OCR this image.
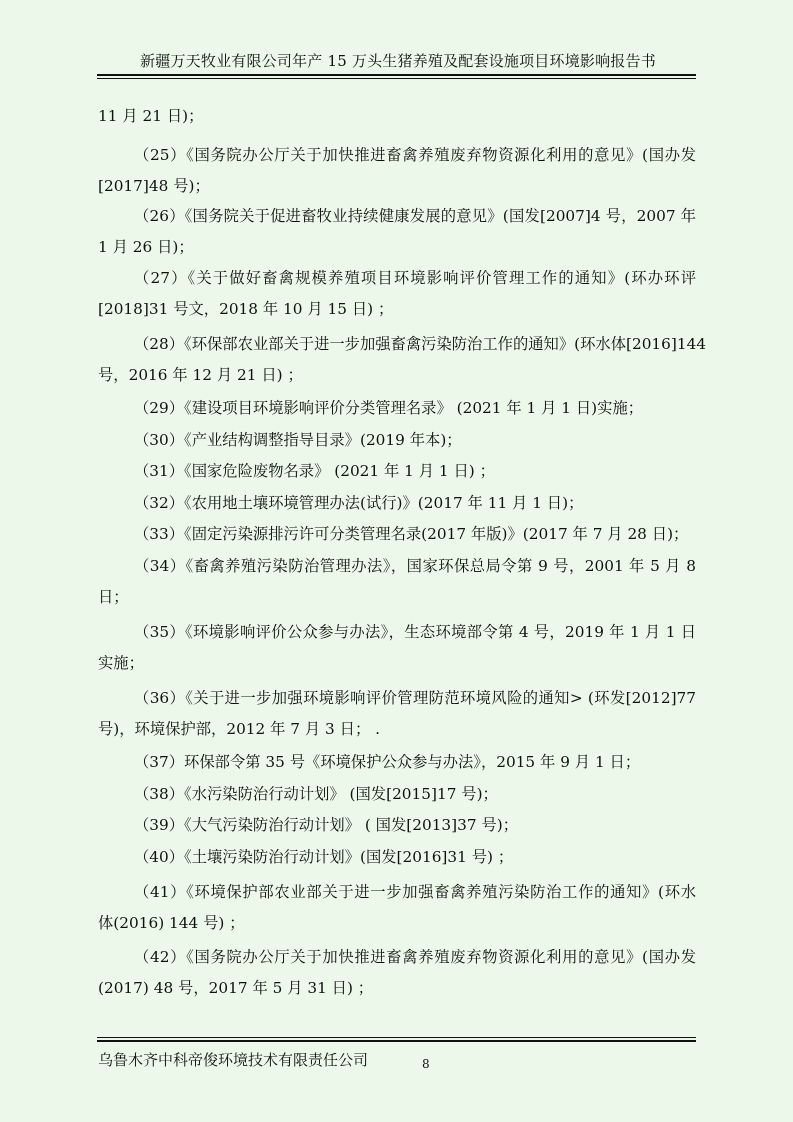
新疆万天牧业有限公司年产 15 万头生猪养殖及配套设施项目环境影响报告书
11 月 21 日)；
（25）《国务院办公厅关于加快推进畜禽养殖废弃物资源化利用的意见》(国办发
[2017]48 号)；
（26）《国务院关于促进畜牧业持续健康发展的意见》(国发[2007]4 号，2007 年
1 月 26 日)；
（27）《关于做好畜禽规模养殖项目环境影响评价管理工作的通知》(环办环评
[2018]31 号文，2018 年 10 月 15 日) ；
（28）《环保部农业部关于进一步加强畜禽污染防治工作的通知》(环水体[2016]144
号，2016 年 12 月 21 日) ；
（29）《建设项目环境影响评价分类管理名录》 (2021 年 1 月 1 日)实施；
（30）《产业结构调整指导目录》(2019 年本)；
（31）《国家危险废物名录》 (2021 年 1 月 1 日) ；
（32）《农用地土壤环境管理办法(试行)》(2017 年 11 月 1 日)；
（33）《固定污染源排污许可分类管理名录(2017 年版)》(2017 年 7 月 28 日)；
（34）《畜禽养殖污染防治管理办法》，国家环保总局令第 9 号，2001 年 5 月 8
日；
（35）《环境影响评价公众参与办法》，生态环境部令第 4 号，2019 年 1 月 1 日
实施；
（36）《关于进一步加强环境影响评价管理防范环境风险的通知> (环发[2012]77
号)，环境保护部，2012 年 7 月 3 日； .
（37）环保部令第 35 号《环境保护公众参与办法》，2015 年 9 月 1 日；
（38）《水污染防治行动计划》 (国发[2015]17 号)；
（39）《大气污染防治行动计划》 ( 国发[2013]37 号)；
（40）《土壤污染防治行动计划》(国发[2016]31 号) ；
（41）《环境保护部农业部关于进一步加强畜禽养殖污染防治工作的通知》(环水
体(2016) 144 号) ；
（42）《国务院办公厅关于加快推进畜禽养殖废弃物资源化利用的意见》(国办发
(2017) 48 号，2017 年 5 月 31 日) ；
乌鲁木齐中科帝俊环境技术有限责任公司	8
